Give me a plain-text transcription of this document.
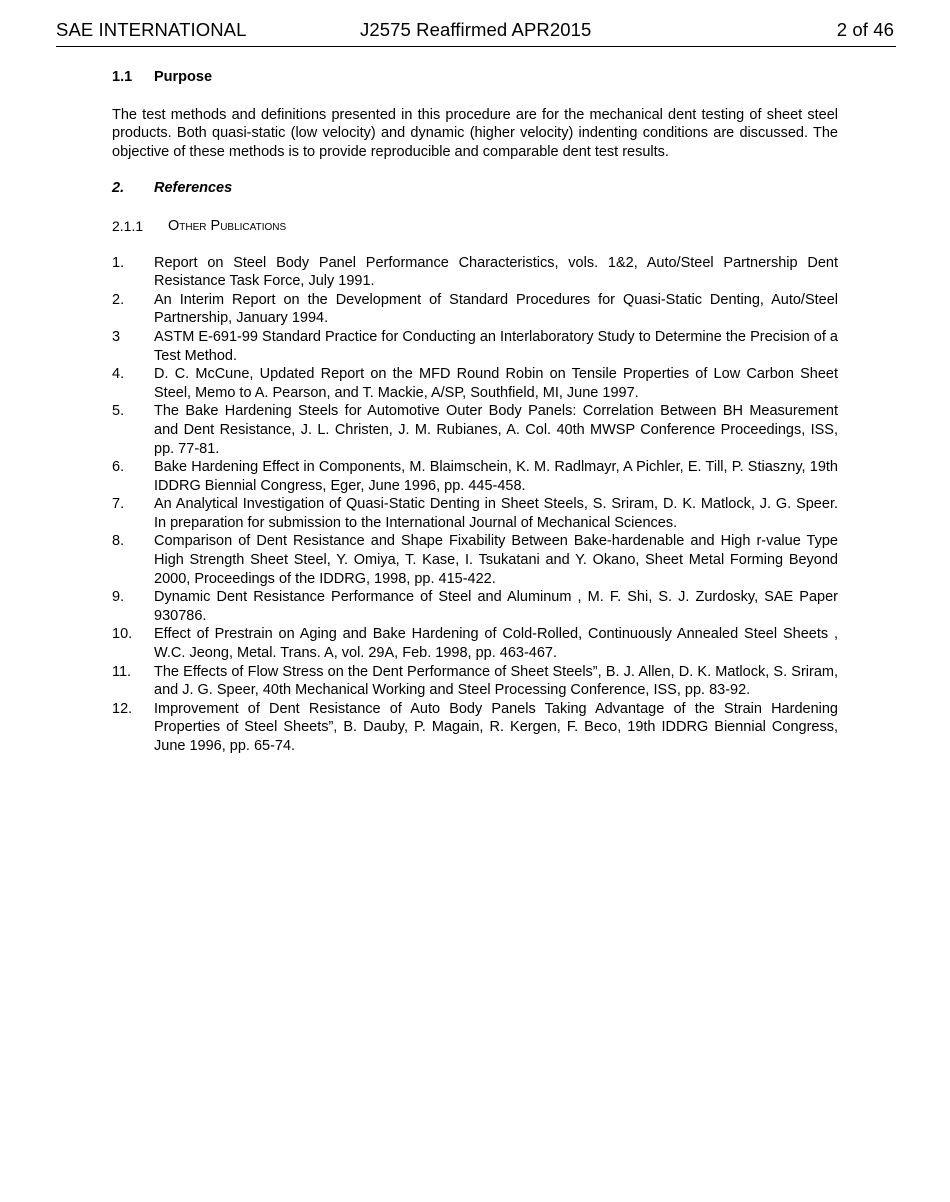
SAE INTERNATIONAL	J2575 Reaffirmed APR2015	2 of 46
1.1	Purpose

The test methods and definitions presented in this procedure are for the mechanical dent testing of sheet steel products. Both quasi-static (low velocity) and dynamic (higher velocity) indenting conditions are discussed. The objective of these methods is to provide reproducible and comparable dent test results.

2.	References
2.1.1	Other Publications
1.	Report on Steel Body Panel Performance Characteristics, vols. 1&2, Auto/Steel Partnership Dent Resistance Task Force, July 1991.
2.	An Interim Report on the Development of Standard Procedures for Quasi-Static Denting, Auto/Steel Partnership, January 1994.
3	ASTM E-691-99 Standard Practice for Conducting an Interlaboratory Study to Determine the Precision of a Test Method.
4.	D. C. McCune, Updated Report on the MFD Round Robin on Tensile Properties of Low Carbon Sheet Steel, Memo to A. Pearson, and T. Mackie, A/SP, Southfield, MI, June 1997.
5.	The Bake Hardening Steels for Automotive Outer Body Panels: Correlation Between BH Measurement and Dent Resistance, J. L. Christen, J. M. Rubianes, A. Col. 40th MWSP Conference Proceedings, ISS, pp. 77-81.
6.	Bake Hardening Effect in Components, M. Blaimschein, K. M. Radlmayr, A Pichler, E. Till, P. Stiaszny, 19th IDDRG Biennial Congress, Eger, June 1996, pp. 445-458.
7.	An Analytical Investigation of Quasi-Static Denting in Sheet Steels, S. Sriram, D. K. Matlock, J. G. Speer. In preparation for submission to the International Journal of Mechanical Sciences.
8.	Comparison of Dent Resistance and Shape Fixability Between Bake-hardenable and High r-value Type High Strength Sheet Steel, Y. Omiya, T. Kase, I. Tsukatani and Y. Okano, Sheet Metal Forming Beyond 2000, Proceedings of the IDDRG, 1998, pp. 415-422.
9.	Dynamic Dent Resistance Performance of Steel and Aluminum , M. F. Shi, S. J. Zurdosky, SAE Paper 930786.
10.	Effect of Prestrain on Aging and Bake Hardening of Cold-Rolled, Continuously Annealed Steel Sheets , W.C. Jeong, Metal. Trans. A, vol. 29A, Feb. 1998, pp. 463-467.
11.	The Effects of Flow Stress on the Dent Performance of Sheet Steels”, B. J. Allen, D. K. Matlock, S. Sriram, and J. G. Speer, 40th Mechanical Working and Steel Processing Conference, ISS, pp. 83-92.
12.	Improvement of Dent Resistance of Auto Body Panels Taking Advantage of the Strain Hardening Properties of Steel Sheets”, B. Dauby, P. Magain, R. Kergen, F. Beco, 19th IDDRG Biennial Congress, June 1996, pp. 65-74.
